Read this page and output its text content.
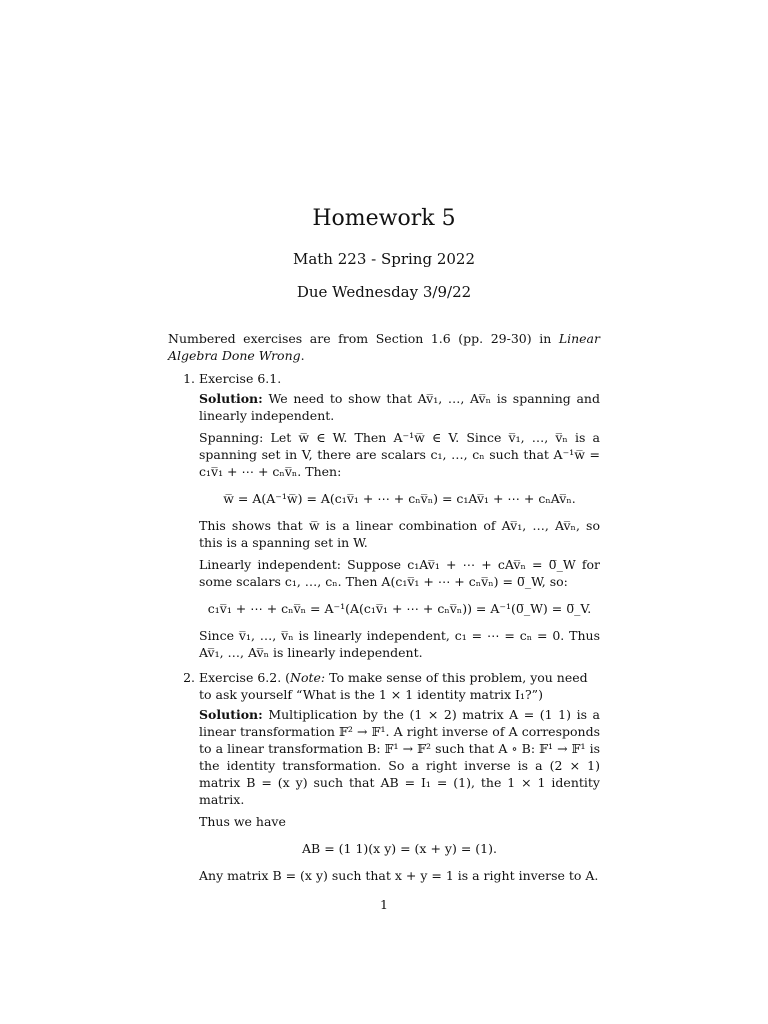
Homework 5
Math 223 - Spring 2022
Due Wednesday 3/9/22
Numbered exercises are from Section 1.6 (pp. 29-30) in Linear Algebra Done Wrong.
1. Exercise 6.1.

Solution: We need to show that Av̅₁, …, Av̅ₙ is spanning and linearly independent.

Spanning: Let w̅ ∈ W. Then A⁻¹w̅ ∈ V. Since v̅₁, …, v̅ₙ is a spanning set in V, there are scalars c₁, …, cₙ such that A⁻¹w̅ = c₁v̅₁ + ⋯ + cₙv̅ₙ. Then:

w̅ = A(A⁻¹w̅) = A(c₁v̅₁ + ⋯ + cₙv̅ₙ) = c₁Av̅₁ + ⋯ + cₙAv̅ₙ.

This shows that w̅ is a linear combination of Av̅₁, …, Av̅ₙ, so this is a spanning set in W.

Linearly independent: Suppose c₁Av̅₁ + ⋯ + cAv̅ₙ = 0̅_W for some scalars c₁, …, cₙ. Then A(c₁v̅₁ + ⋯ + cₙv̅ₙ) = 0̅_W, so:

c₁v̅₁ + ⋯ + cₙv̅ₙ = A⁻¹(A(c₁v̅₁ + ⋯ + cₙv̅ₙ)) = A⁻¹(0̅_W) = 0̅_V.

Since v̅₁, …, v̅ₙ is linearly independent, c₁ = ⋯ = cₙ = 0. Thus Av̅₁, …, Av̅ₙ is linearly independent.

2. Exercise 6.2. (Note: To make sense of this problem, you need to ask yourself “What is the 1 × 1 identity matrix I₁?”)

Solution: Multiplication by the (1 × 2) matrix A = (1 1) is a linear transformation 𝔽² → 𝔽¹. A right inverse of A corresponds to a linear transformation B: 𝔽¹ → 𝔽² such that A ∘ B: 𝔽¹ → 𝔽¹ is the identity transformation. So a right inverse is a (2 × 1) matrix B = (x y) such that AB = I₁ = (1), the 1 × 1 identity matrix.

Thus we have

AB = (1 1)(x y) = (x + y) = (1).

Any matrix B = (x y) such that x + y = 1 is a right inverse to A.

1
